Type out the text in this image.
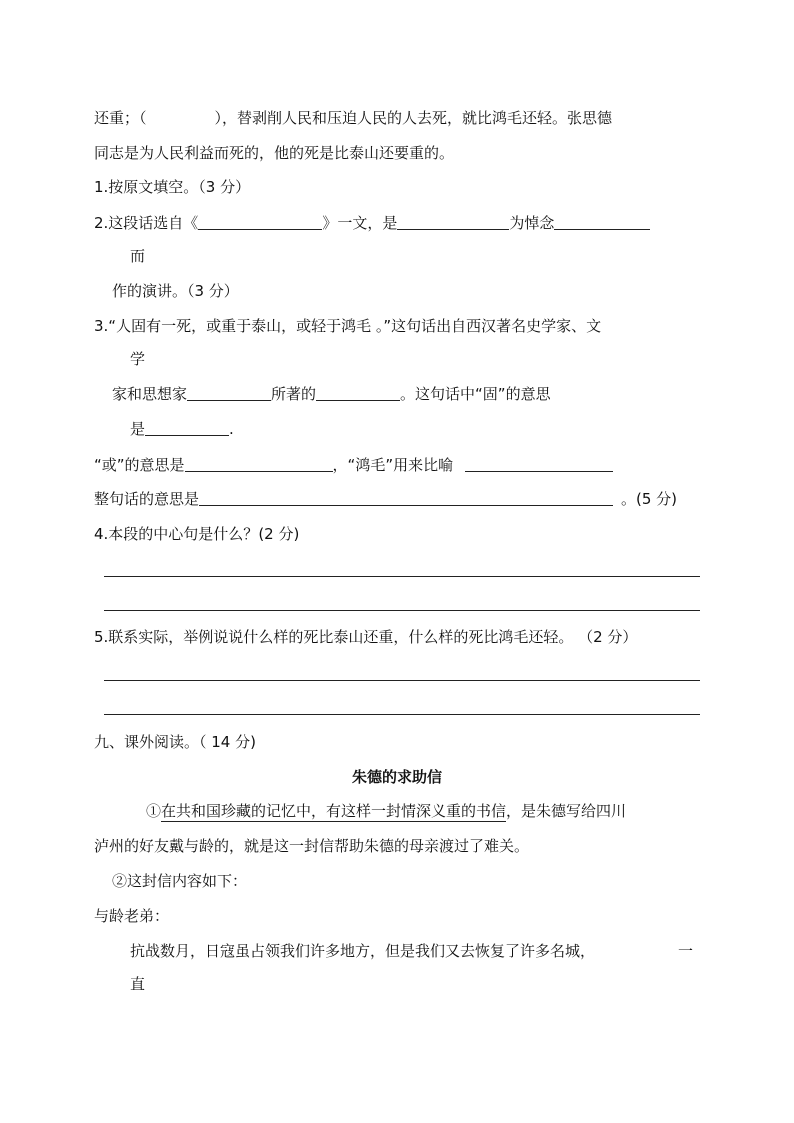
还重；（	），替剥削人民和压迫人民的人去死，就比鸿毛还轻。张思德
同志是为人民利益而死的，他的死是比泰山还要重的。
1.按原文填空。（3 分）
2.这段话选自《	》一文，是	为悼念
而
作的演讲。（3 分）
3.“人固有一死，或重于泰山，或轻于鸿毛 。”这句话出自西汉著名史学家、文
学
家和思想家	所著的	。这句话中“固”的意思
是	.
“或”的意思是	，“鸿毛”用来比喻
整句话的意思是	。(5 分)
4.本段的中心句是什么？(2 分)
5.联系实际，举例说说什么样的死比泰山还重，什么样的死比鸿毛还轻。 （2 分）
九、课外阅读。（ 14 分)
朱德的求助信
①在共和国珍藏的记忆中，有这样一封情深义重的书信，是朱德写给四川
泸州的好友戴与龄的，就是这一封信帮助朱德的母亲渡过了难关。
②这封信内容如下：
与龄老弟：
抗战数月，日寇虽占领我们许多地方，但是我们又去恢复了许多名城，	一
直
